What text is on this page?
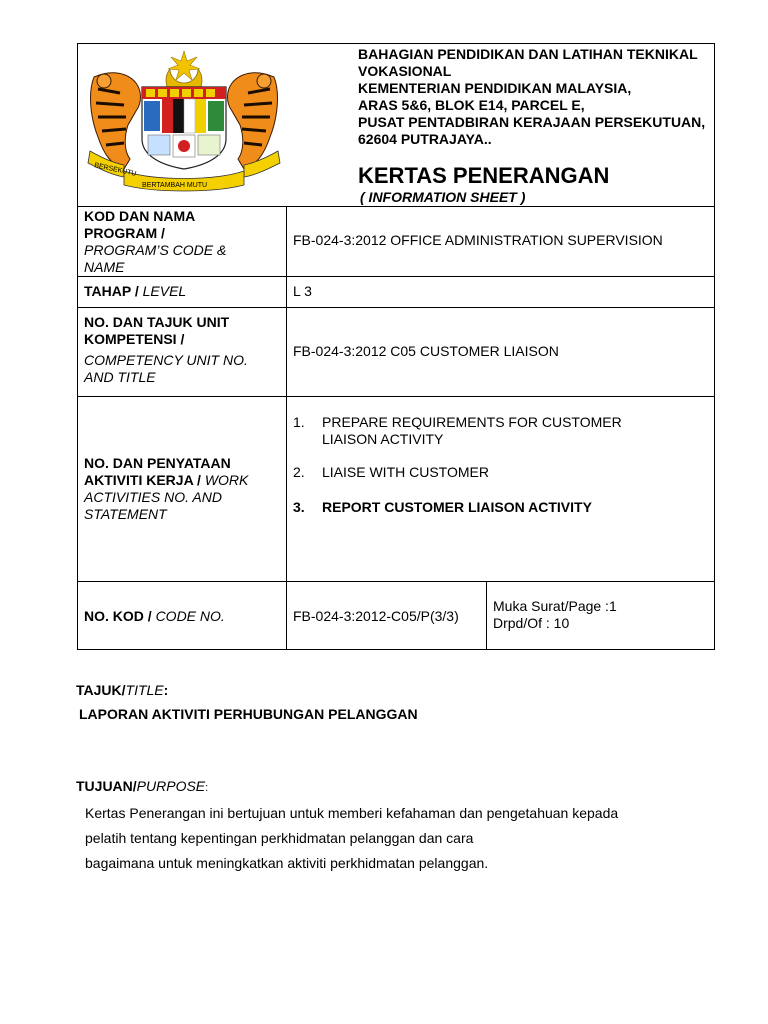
BERSEKUTU
BERTAMBAH MUTU
BAHAGIAN PENDIDIKAN DAN LATIHAN TEKNIKAL
VOKASIONAL
KEMENTERIAN PENDIDIKAN MALAYSIA,
ARAS 5&6, BLOK E14, PARCEL E,
PUSAT PENTADBIRAN KERAJAAN PERSEKUTUAN,
62604 PUTRAJAYA..
KERTAS PENERANGAN
( INFORMATION SHEET )
KOD DAN NAMA
PROGRAM /
PROGRAM’S CODE &
NAME
FB-024-3:2012 OFFICE ADMINISTRATION SUPERVISION
TAHAP / LEVEL	L 3
NO. DAN TAJUK UNIT
KOMPETENSI /
COMPETENCY UNIT NO.
AND TITLE
FB-024-3:2012 C05 CUSTOMER LIAISON
NO. DAN PENYATAAN
AKTIVITI KERJA / WORK
ACTIVITIES NO. AND
STATEMENT
1. PREPARE REQUIREMENTS FOR CUSTOMER
LIAISON ACTIVITY
2. LIAISE WITH CUSTOMER
3. REPORT CUSTOMER LIAISON ACTIVITY
NO. KOD / CODE NO.	FB-024-3:2012-C05/P(3/3)
Muka Surat/Page :1
Drpd/Of : 10
TAJUK/TITLE:
LAPORAN AKTIVITI PERHUBUNGAN PELANGGAN
TUJUAN/PURPOSE:
Kertas Penerangan ini bertujuan untuk memberi kefahaman dan pengetahuan kepada
pelatih tentang kepentingan perkhidmatan pelanggan dan cara
bagaimana untuk meningkatkan aktiviti perkhidmatan pelanggan.
